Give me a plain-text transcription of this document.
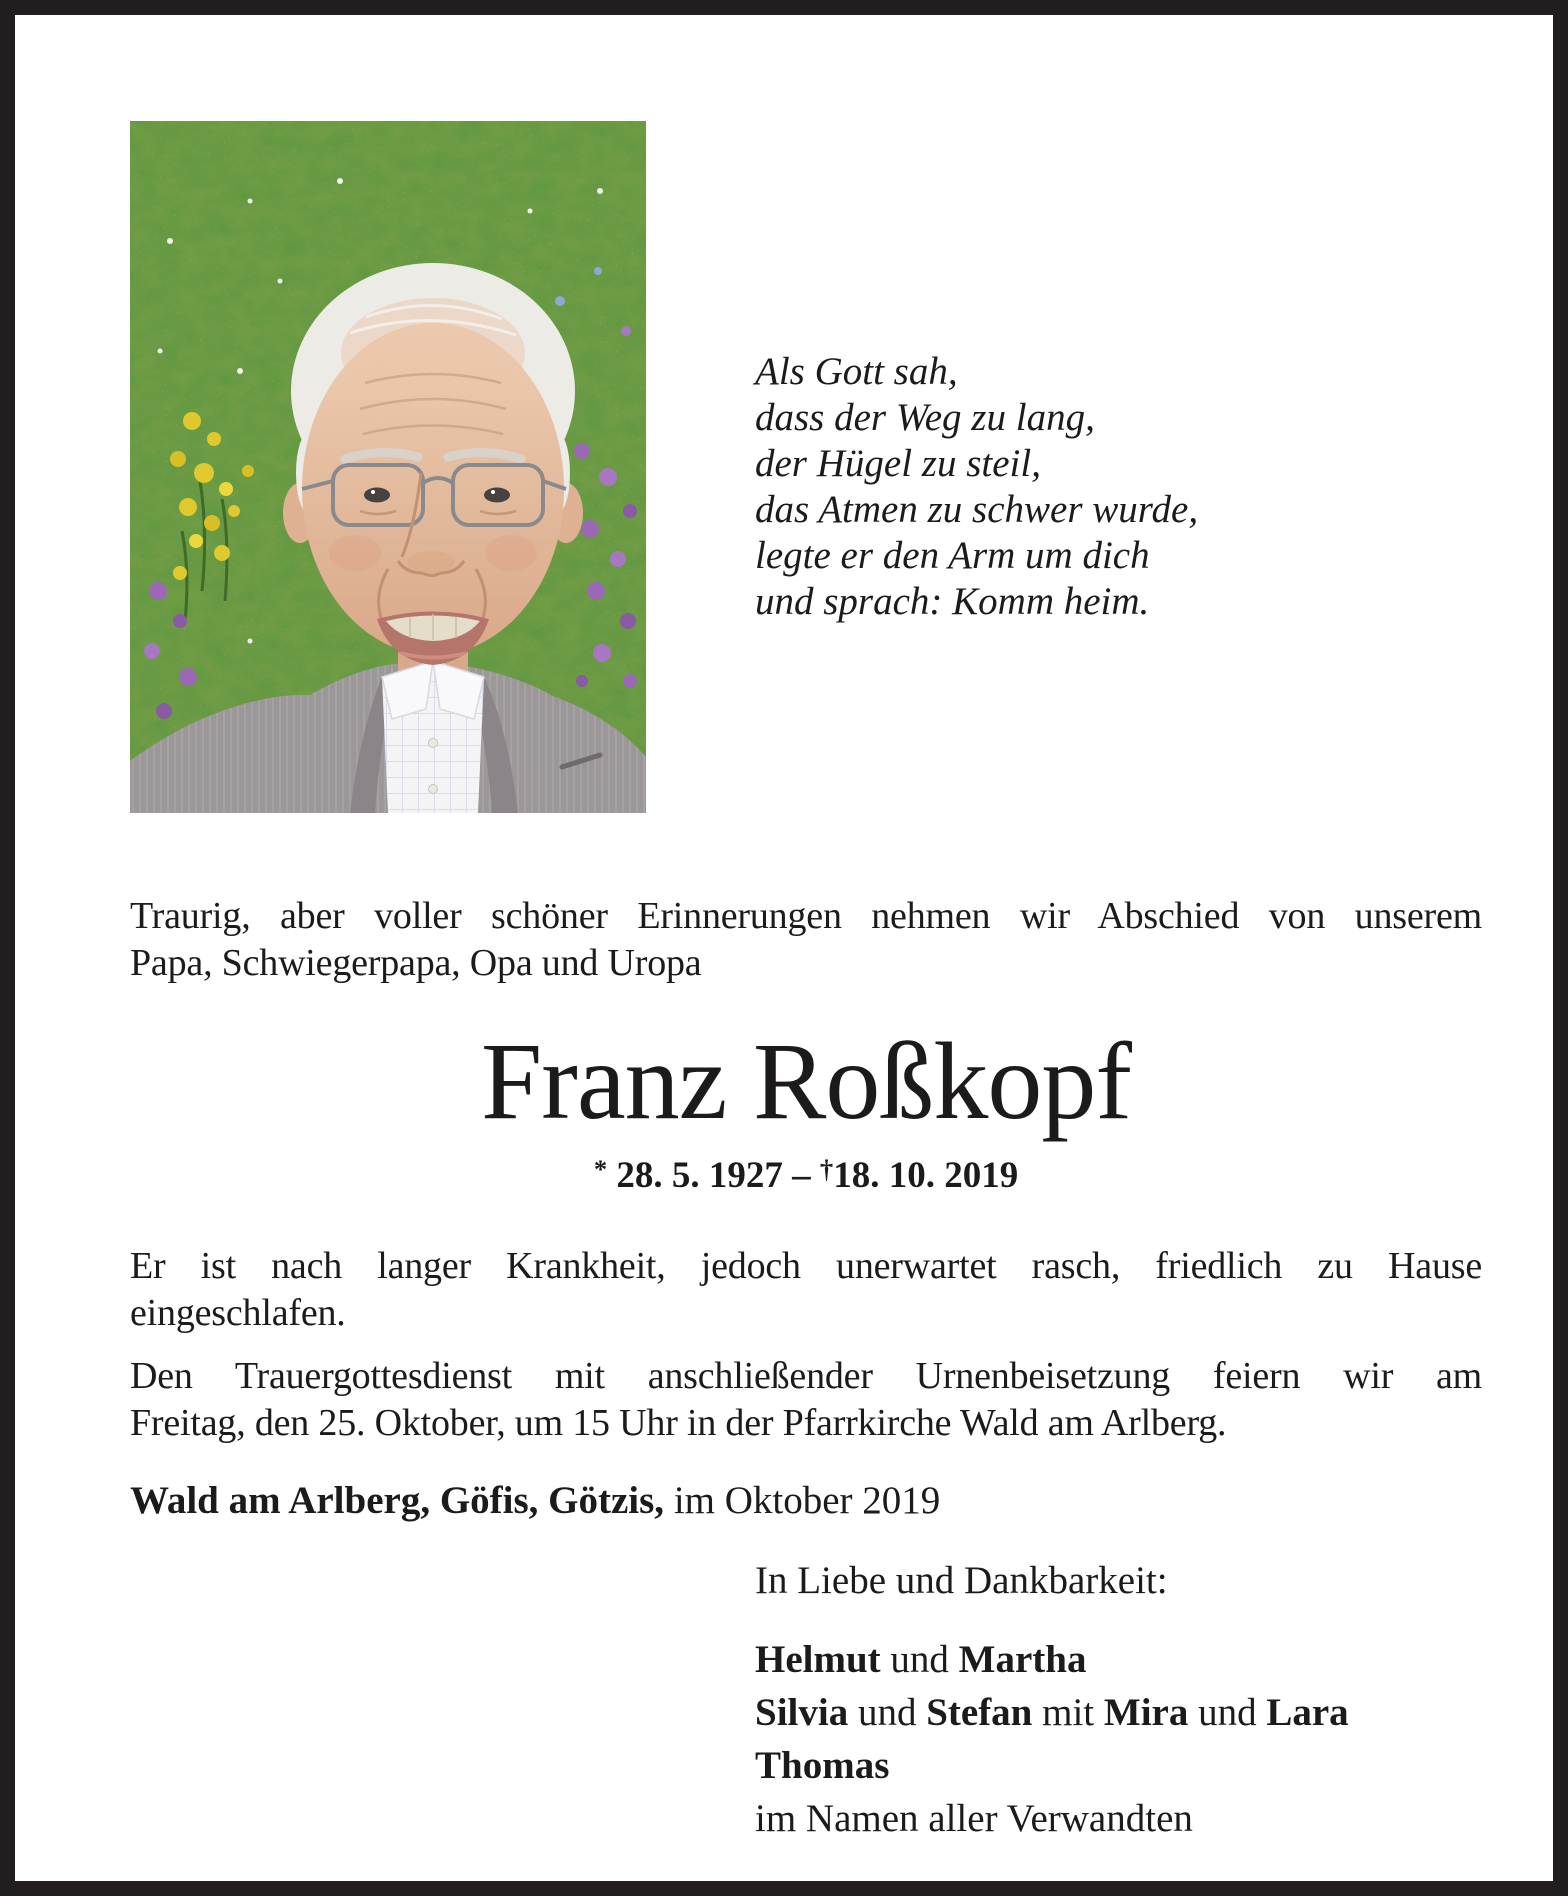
Als Gott sah,
dass der Weg zu lang,
der Hügel zu steil,
das Atmen zu schwer wurde,
legte er den Arm um dich
und sprach: Komm heim.
Traurig, aber voller schöner Erinnerungen nehmen wir Abschied von unserem
Papa, Schwiegerpapa, Opa und Uropa
Franz Roßkopf
* 28. 5. 1927 – †18. 10. 2019
Er ist nach langer Krankheit, jedoch unerwartet rasch, friedlich zu Hause
eingeschlafen.
Den Trauergottesdienst mit anschließender Urnenbeisetzung feiern wir am
Freitag, den 25. Oktober, um 15 Uhr in der Pfarrkirche Wald am Arlberg.
Wald am Arlberg, Göfis, Götzis, im Oktober 2019
In Liebe und Dankbarkeit:
Helmut und Martha
Silvia und Stefan mit Mira und Lara
Thomas
im Namen aller Verwandten
